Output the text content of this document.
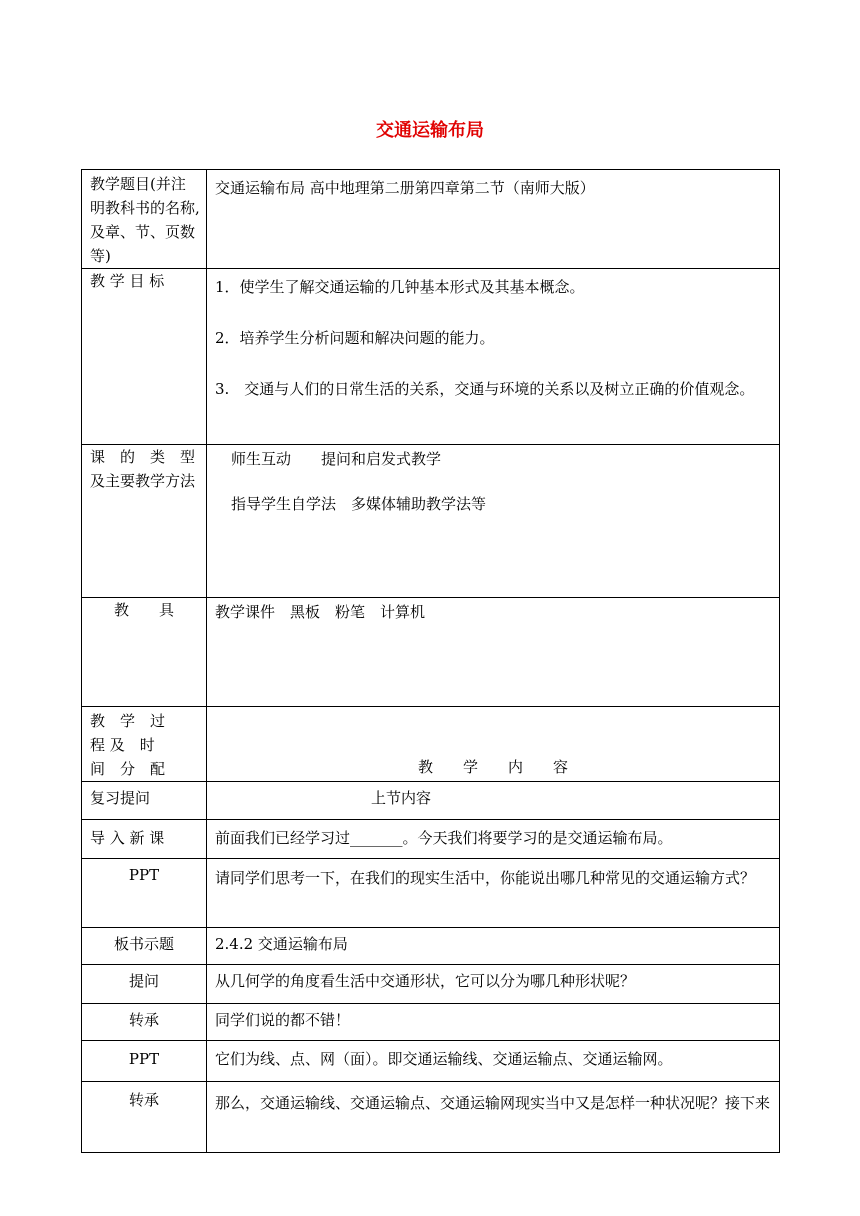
交通运输布局
教学题目(并注明教科书的名称,及章、节、页数等)	交通运输布局 高中地理第二册第四章第二节（南师大版）
教 学 目 标	1．使学生了解交通运输的几钟基本形式及其基本概念。
2．培养学生分析问题和解决问题的能力。
3.　交通与人们的日常生活的关系，交通与环境的关系以及树立正确的价值观念。

课　的　类　型 及主要教学方法	师生互动　　提问和启发式教学
指导学生自学法　多媒体辅助教学法等

教　　具	教学课件　黑板　粉笔　计算机

教　学　过
程 及　时
间　分　配	教　　学　　内　　容
复习提问	上节内容
导 入 新 课	前面我们已经学习过_______。今天我们将要学习的是交通运输布局。
PPT	请同学们思考一下，在我们的现实生活中，你能说出哪几种常见的交通运输方式？
板书示题	2.4.2 交通运输布局
提问	从几何学的角度看生活中交通形状，它可以分为哪几种形状呢？
转承	同学们说的都不错！
PPT	它们为线、点、网（面）。即交通运输线、交通运输点、交通运输网。
转承	那么，交通运输线、交通运输点、交通运输网现实当中又是怎样一种状况呢？接下来
